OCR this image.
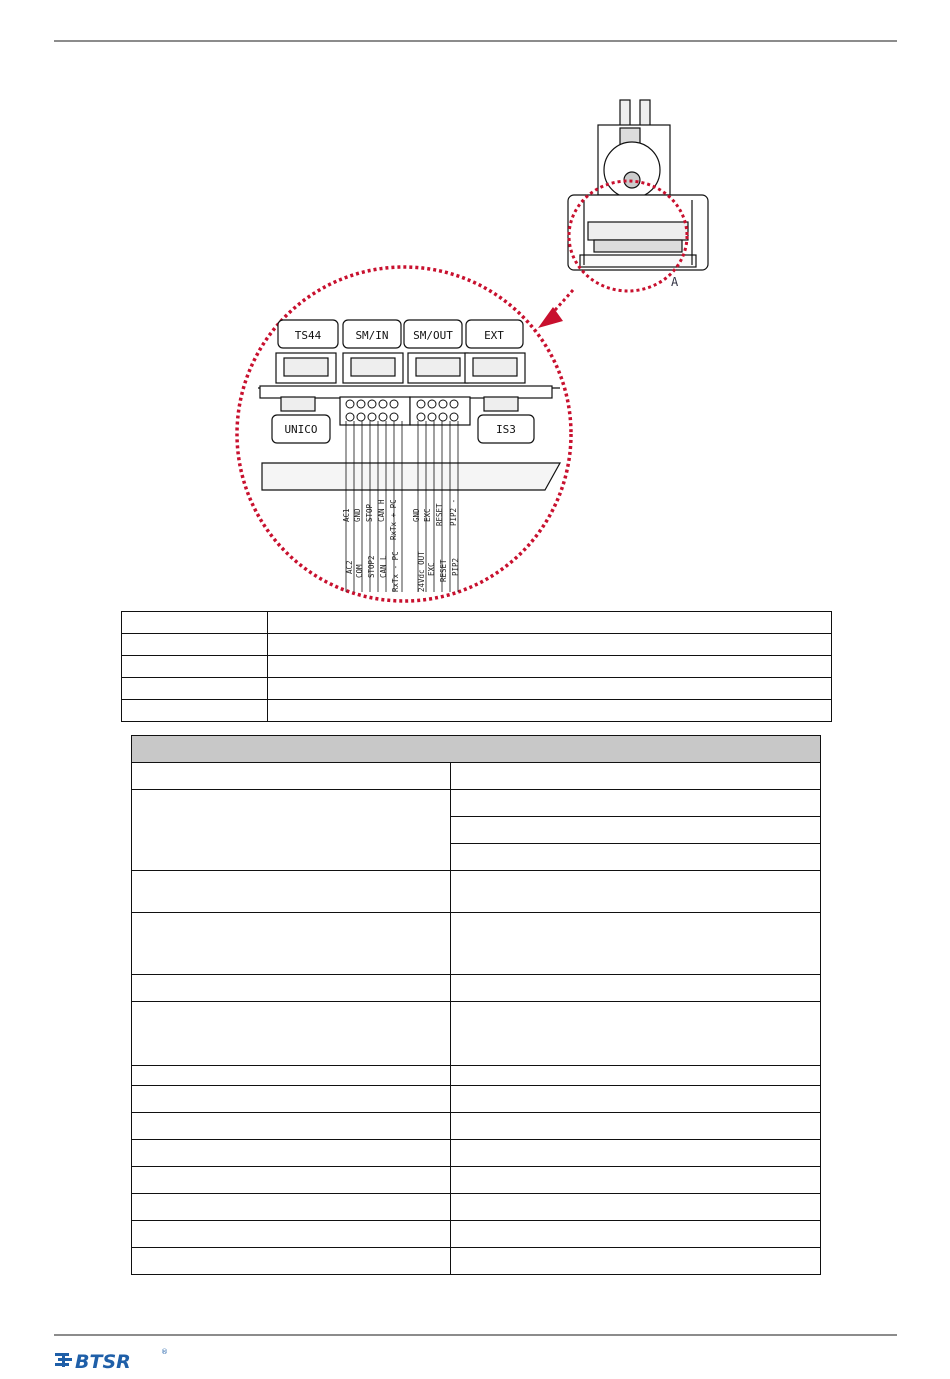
A
TS44	SM/IN SM/OUT	EXT
UNICO	IS3
AC1 GND STOP CAN H RxTx + PC
AC2 COM STOP2 CAN L RxTx - PC
GND EXC RESET PIP2 -
24Vdc OUT EXC RESET PIP2

BTSR	®
